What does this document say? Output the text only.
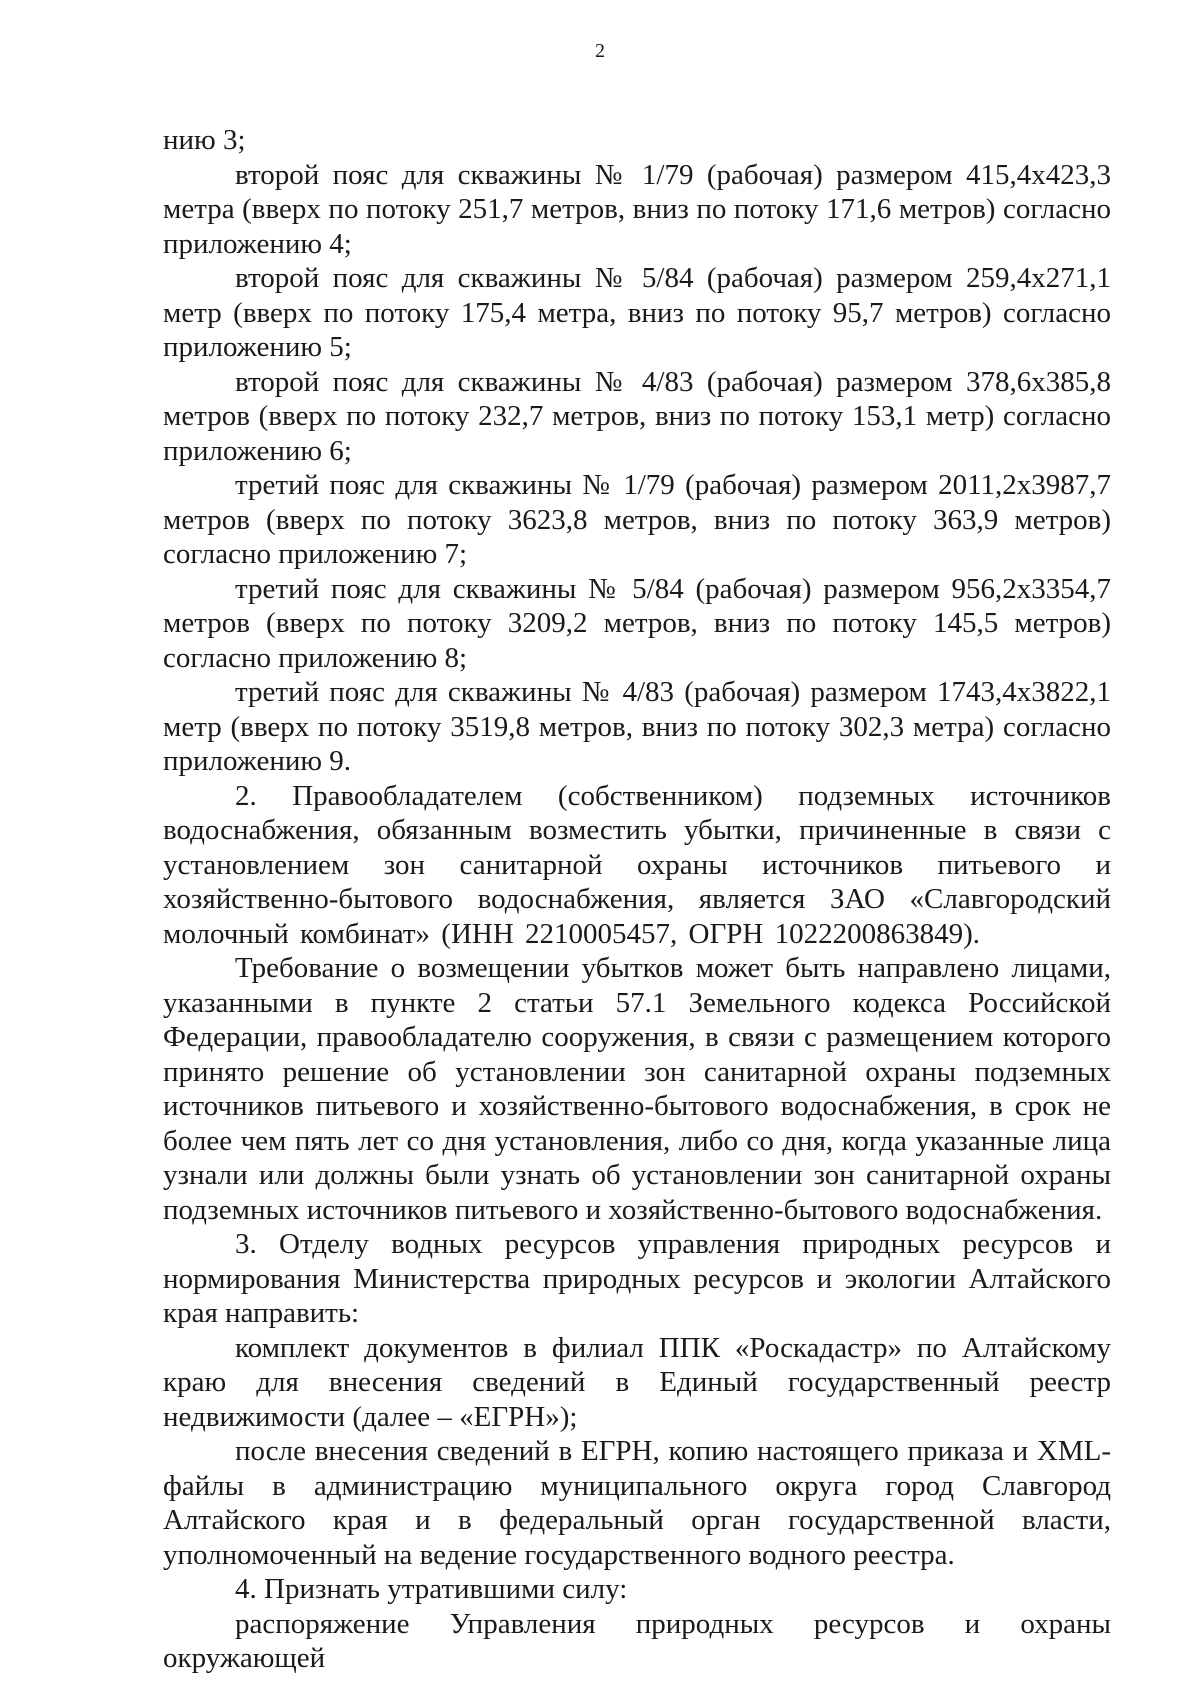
2

нию 3;

второй пояс для скважины № 1/79 (рабочая) размером 415,4х423,3 метра (вверх по потоку 251,7 метров, вниз по потоку 171,6 метров) согласно приложению 4;

второй пояс для скважины № 5/84 (рабочая) размером 259,4х271,1 метр (вверх по потоку 175,4 метра, вниз по потоку 95,7 метров) согласно приложению 5;

второй пояс для скважины № 4/83 (рабочая) размером 378,6х385,8 метров (вверх по потоку 232,7 метров, вниз по потоку 153,1 метр) согласно приложению 6;

третий пояс для скважины № 1/79 (рабочая) размером 2011,2х3987,7 метров (вверх по потоку 3623,8 метров, вниз по потоку 363,9 метров) согласно приложению 7;

третий пояс для скважины № 5/84 (рабочая) размером 956,2х3354,7 метров (вверх по потоку 3209,2 метров, вниз по потоку 145,5 метров) согласно приложению 8;

третий пояс для скважины № 4/83 (рабочая) размером 1743,4х3822,1 метр (вверх по потоку 3519,8 метров, вниз по потоку 302,3 метра) согласно приложению 9.

2. Правообладателем (собственником) подземных источников водоснабжения, обязанным возместить убытки, причиненные в связи с установлением зон санитарной охраны источников питьевого и хозяйственно-бытового водоснабжения, является ЗАО «Славгородский молочный комбинат» (ИНН 2210005457, ОГРН 1022200863849).

Требование о возмещении убытков может быть направлено лицами, указанными в пункте 2 статьи 57.1 Земельного кодекса Российской Федерации, правообладателю сооружения, в связи с размещением которого принято решение об установлении зон санитарной охраны подземных источников питьевого и хозяйственно-бытового водоснабжения, в срок не более чем пять лет со дня установления, либо со дня, когда указанные лица узнали или должны были узнать об установлении зон санитарной охраны подземных источников питьевого и хозяйственно-бытового водоснабжения.

3. Отделу водных ресурсов управления природных ресурсов и нормирования Министерства природных ресурсов и экологии Алтайского края направить:

комплект документов в филиал ППК «Роскадастр» по Алтайскому краю для внесения сведений в Единый государственный реестр недвижимости (далее – «ЕГРН»);

после внесения сведений в ЕГРН, копию настоящего приказа и XML-файлы в администрацию муниципального округа город Славгород Алтайского края и в федеральный орган государственной власти, уполномоченный на ведение государственного водного реестра.

4. Признать утратившими силу:

распоряжение Управления природных ресурсов и охраны окружающей
